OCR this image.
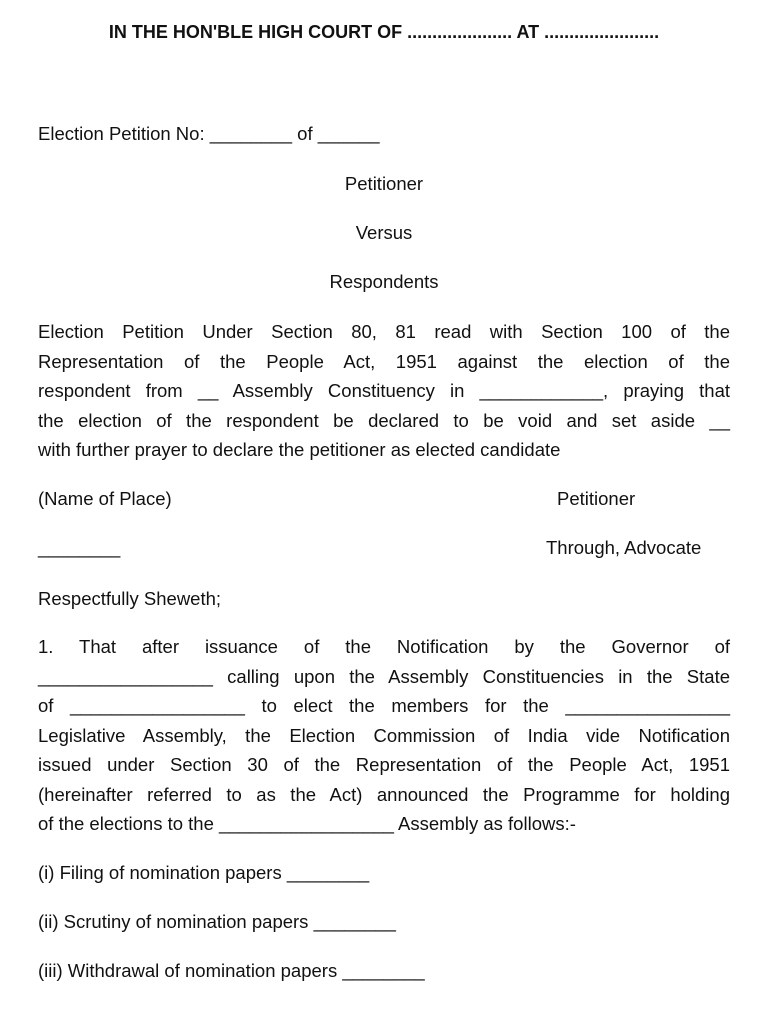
IN THE HON'BLE HIGH COURT OF ..................... AT .......................

Election Petition No: ________ of ______

Petitioner

Versus

Respondents

Election Petition Under Section 80, 81 read with Section 100 of the
Representation of the People Act, 1951 against the election of the
respondent from __ Assembly Constituency in ____________, praying that
the election of the respondent be declared to be void and set aside __
with further prayer to declare the petitioner as elected candidate
(Name of Place)	Petitioner
________	Through, Advocate

Respectfully Sheweth;

1. That after issuance of the Notification by the Governor of
_________________ calling upon the Assembly Constituencies in the State
of _________________ to elect the members for the ________________
Legislative Assembly, the Election Commission of India vide Notification
issued under Section 30 of the Representation of the People Act, 1951
(hereinafter referred to as the Act) announced the Programme for holding
of the elections to the _________________ Assembly as follows:-

(i) Filing of nomination papers ________

(ii) Scrutiny of nomination papers ________

(iii) Withdrawal of nomination papers ________
